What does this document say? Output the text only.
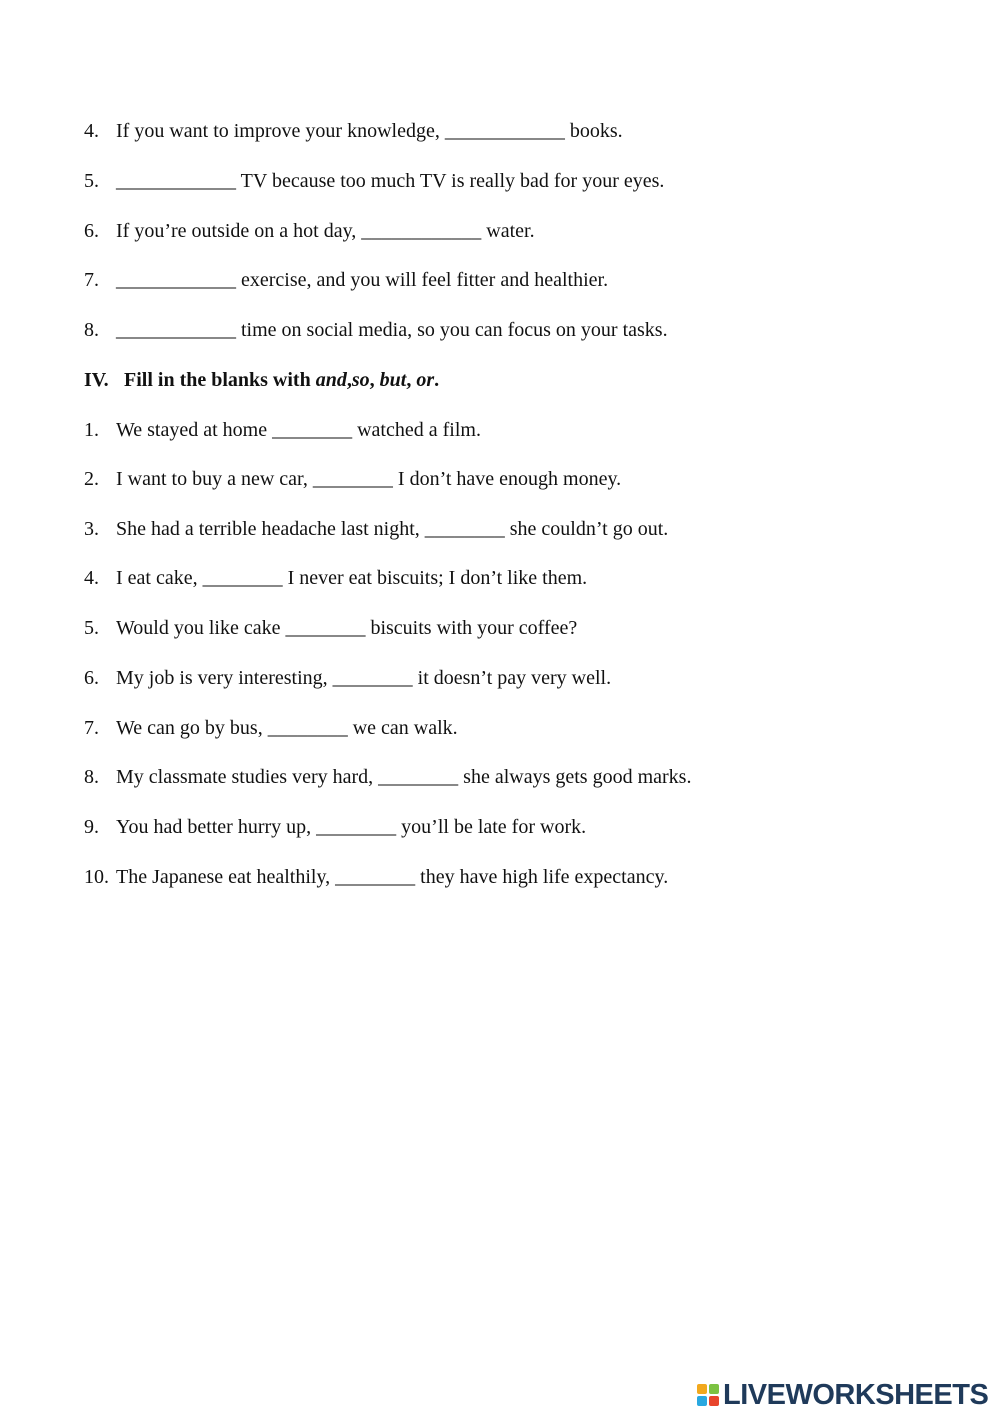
4. If you want to improve your knowledge, ____________ books.
5. ____________ TV because too much TV is really bad for your eyes.
6. If you’re outside on a hot day, ____________ water.
7. ____________ exercise, and you will feel fitter and healthier.
8. ____________ time on social media, so you can focus on your tasks.
IV. Fill in the blanks with and,so, but, or.
1. We stayed at home ________ watched a film.
2. I want to buy a new car, ________ I don’t have enough money.
3. She had a terrible headache last night, ________ she couldn’t go out.
4. I eat cake, ________ I never eat biscuits; I don’t like them.
5. Would you like cake ________ biscuits with your coffee?
6. My job is very interesting, ________ it doesn’t pay very well.
7. We can go by bus, ________ we can walk.
8. My classmate studies very hard, ________ she always gets good marks.
9. You had better hurry up, ________ you’ll be late for work.
10. The Japanese eat healthily, ________ they have high life expectancy.
LIVEWORKSHEETS
